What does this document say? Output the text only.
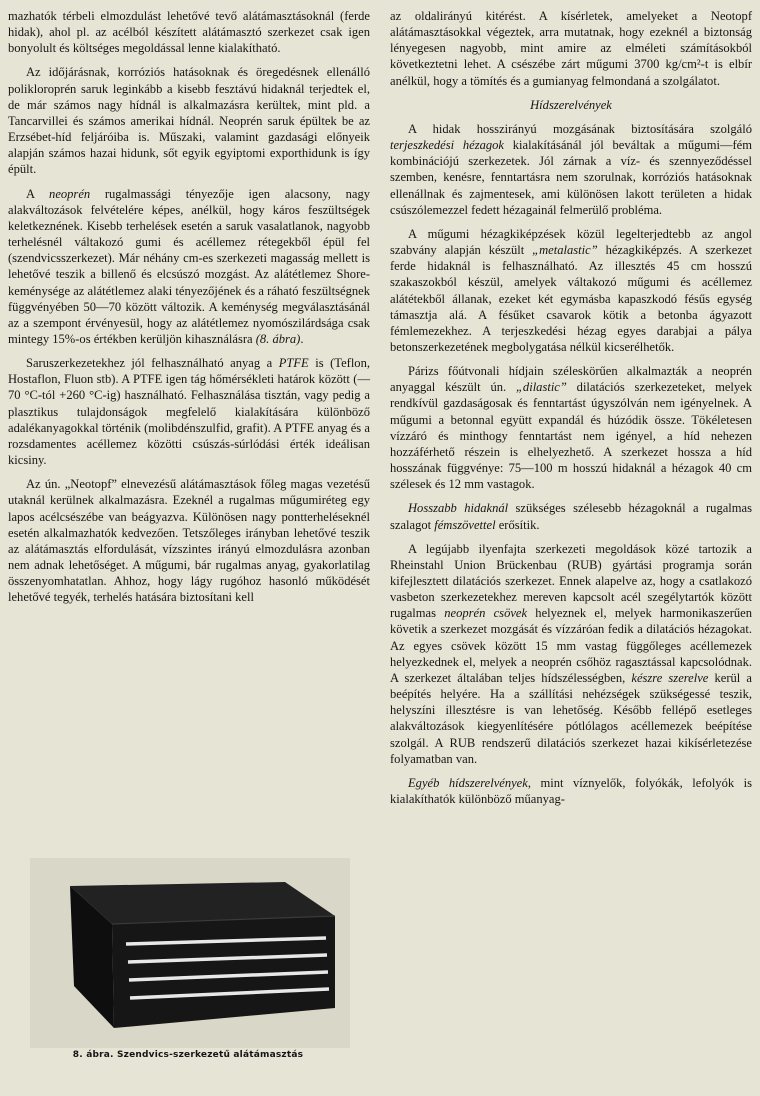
mazhatók térbeli elmozdulást lehetővé tevő alátámasztásoknál (ferde hidak), ahol pl. az acélból készített alátámasztó szerkezet csak igen bonyolult és költséges megoldással lenne kialakítható.

Az időjárásnak, korróziós hatásoknak és öregedésnek ellenálló polikloroprén saruk leginkább a kisebb fesztávú hidaknál terjedtek el, de már számos nagy hídnál is alkalmazásra kerültek, mint pld. a Tancarvillei és számos amerikai hídnál. Neoprén saruk épültek be az Erzsébet-híd feljáróiba is. Műszaki, valamint gazdasági előnyeik alapján számos hazai hidunk, sőt egyik egyiptomi exporthidunk is így épült.

A neoprén rugalmassági tényezője igen alacsony, nagy alakváltozások felvételére képes, anélkül, hogy káros feszültségek keletkeznének. Kisebb terhelések esetén a saruk vasalatlanok, nagyobb terhelésnél váltakozó gumi és acéllemez rétegekből épül fel (szendvicsszerkezet). Már néhány cm-es szerkezeti magasság mellett is lehetővé teszik a billenő és elcsúszó mozgást. Az alátétlemez Shore-keménysége az alátétlemez alaki tényezőjének és a ráható feszültségnek függvényében 50—70 között változik. A keménység megválasztásánál az a szempont érvényesül, hogy az alátétlemez nyomószilárdsága csak mintegy 15%-os értékben kerüljön kihasználásra (8. ábra).

Saruszerkezetekhez jól felhasználható anyag a PTFE is (Teflon, Hostaflon, Fluon stb). A PTFE igen tág hőmérsékleti határok között (—70 °C-tól +260 °C-ig) használható. Felhasználása tisztán, vagy pedig a plasztikus tulajdonságok megfelelő kialakítására különböző adalékanyagokkal történik (molibdénszulfid, grafit). A PTFE anyag és a rozsdamentes acéllemez közötti csúszás-súrlódási érték ideálisan kicsiny.

Az ún. „Neotopf” elnevezésű alátámasztások főleg magas vezetésű utaknál kerülnek alkalmazásra. Ezeknél a rugalmas műgumiréteg egy lapos acélcsészébe van beágyazva. Különösen nagy pontterheléseknél esetén alkalmazhatók kedvezően. Tetszőleges irányban lehetővé teszik az alátámasztás elfordulását, vízszintes irányú elmozdulásra azonban nem adnak lehetőséget. A műgumi, bár rugalmas anyag, gyakorlatilag összenyomhatatlan. Ahhoz, hogy lágy rugóhoz hasonló működését lehetővé tegyék, terhelés hatására biztosítani kell

8. ábra. Szendvics-szerkezetű alátámasztás

az oldalirányú kitérést. A kísérletek, amelyeket a Neotopf alátámasztásokkal végeztek, arra mutatnak, hogy ezeknél a biztonság lényegesen nagyobb, mint amire az elméleti számításokból következtetni lehet. A csészébe zárt műgumi 3700 kg/cm²-t is elbír anélkül, hogy a tömítés és a gumianyag felmondaná a szolgálatot.

Hídszerelvények

A hidak hosszirányú mozgásának biztosítására szolgáló terjeszkedési hézagok kialakításánál jól beváltak a műgumi—fém kombinációjú szerkezetek. Jól zárnak a víz- és szennyeződéssel szemben, kenésre, fenntartásra nem szorulnak, korróziós hatásoknak ellenállnak és zajmentesek, ami különösen lakott területen a hidak csúszólemezzel fedett hézagainál felmerülő probléma.

A műgumi hézagkiképzések közül legelterjedtebb az angol szabvány alapján készült „metalastic” hézagkiképzés. A szerkezet ferde hidaknál is felhasználható. Az illesztés 45 cm hosszú szakaszokból készül, amelyek váltakozó műgumi és acéllemez alátétekből állanak, ezeket két egymásba kapaszkodó fésűs egység támasztja alá. A fésűket csavarok kötik a betonba ágyazott fémlemezekhez. A terjeszkedési hézag egyes darabjai a pálya betonszerkezetének megbolygatása nélkül kicserélhetők.

Párizs főútvonali hídjain széleskörűen alkalmazták a neoprén anyaggal készült ún. „dilastic” dilatációs szerkezeteket, melyek rendkívül gazdaságosak és fenntartást úgyszólván nem igényelnek. A műgumi a betonnal együtt expandál és húzódik össze. Tökéletesen vízzáró és minthogy fenntartást nem igényel, a híd nehezen hozzáférhető részein is elhelyezhető. A szerkezet hossza a híd hosszának függvénye: 75—100 m hosszú hidaknál a hézagok 40 cm szélesek és 12 mm vastagok.

Hosszabb hidaknál szükséges szélesebb hézagoknál a rugalmas szalagot fémszövettel erősítik.

A legújabb ilyenfajta szerkezeti megoldások közé tartozik a Rheinstahl Union Brückenbau (RUB) gyártási programja során kifejlesztett dilatációs szerkezet. Ennek alapelve az, hogy a csatlakozó vasbeton szerkezetekhez mereven kapcsolt acél szegélytartók között rugalmas neoprén csövek helyeznek el, melyek harmonikaszerűen követik a szerkezet mozgását és vízzáróan fedik a dilatációs hézagokat. Az egyes csövek között 15 mm vastag függőleges acéllemezek helyezkednek el, melyek a neoprén csőhöz ragasztással kapcsolódnak. A szerkezet általában teljes hídszélességben, készre szerelve kerül a beépítés helyére. Ha a szállítási nehézségek szükségessé teszik, helyszíni illesztésre is van lehetőség. Később fellépő esetleges alakváltozások kiegyenlítésére pótlólagos acéllemezek beépítése szolgál. A RUB rendszerű dilatációs szerkezet hazai kikísérletezése folyamatban van.

Egyéb hídszerelvények, mint víznyelők, folyókák, lefolyók is kialakíthatók különböző műanyag-
